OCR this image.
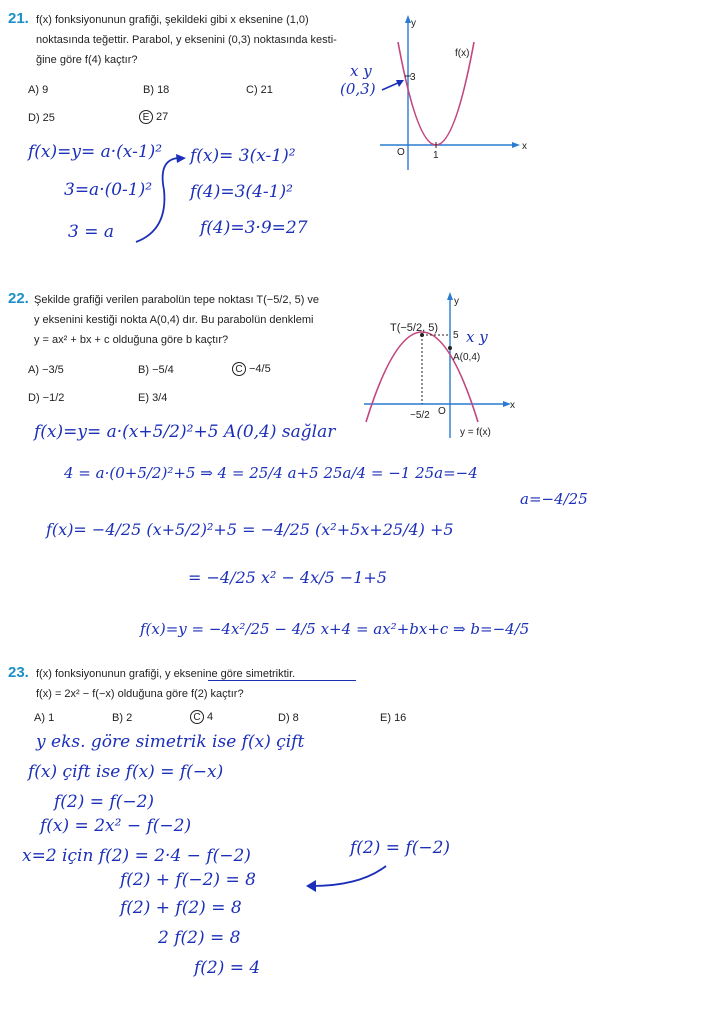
21. f(x) fonksiyonunun grafiği, şekildeki gibi x eksenine (1,0)
noktasında teğettir. Parabol, y eksenini (0,3) noktasında kesti-
ğine göre f(4) kaçtır?
A) 9	B) 18	C) 21
D) 25	E 27
y
x
f(x)
O	1
3
x y
(0,3)
f(x)=y= a·(x-1)²
3=a·(0-1)²
3 = a
f(x)= 3(x-1)²
f(4)=3(4-1)²
f(4)=3·9=27
22. Şekilde grafiği verilen parabolün tepe noktası T(−5/2, 5) ve
y eksenini kestiği nokta A(0,4) dır. Bu parabolün denklemi
y = ax² + bx + c olduğuna göre b kaçtır?
A) −3/5	B) −5/4	C −4/5
D) −1/2	E) 3/4
y
x
5
A(0,4)
O
−5/2
y = f(x)
T(−5/2, 5) x y
f(x)=y= a·(x+5/2)²+5 A(0,4) sağlar
4 = a·(0+5/2)²+5 ⇒ 4 = 25/4 a+5 25a/4 = −1 25a=−4
a=−4/25
f(x)= −4/25 (x+5/2)²+5 = −4/25 (x²+5x+25/4) +5
= −4/25 x² − 4x/5 −1+5
f(x)=y = −4x²/25 − 4/5 x+4 = ax²+bx+c ⇒ b=−4/5
23. f(x) fonksiyonunun grafiği, y eksenine göre simetriktir.
f(x) = 2x² − f(−x) olduğuna göre f(2) kaçtır?
A) 1	B) 2	C 4	D) 8	E) 16
y eks. göre simetrik ise f(x) çift
f(x) çift ise f(x) = f(−x)
f(2) = f(−2)
f(x) = 2x² − f(−2)
x=2 için f(2) = 2·4 − f(−2)
f(2) + f(−2) = 8
f(2) + f(2) = 8
2 f(2) = 8
f(2) = 4
f(2) = f(−2)
